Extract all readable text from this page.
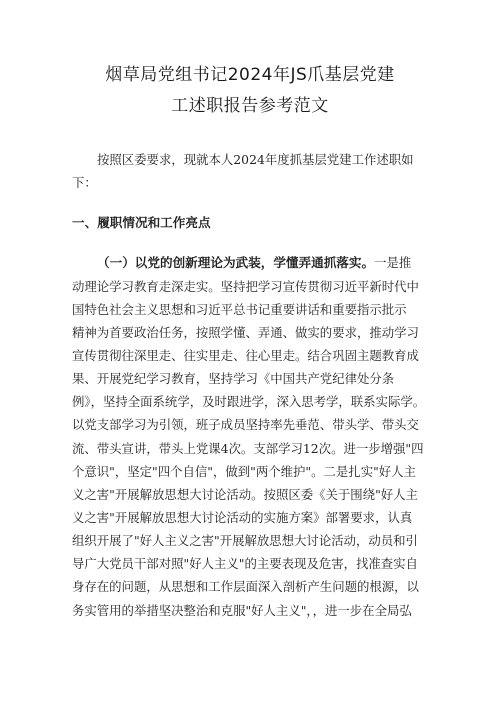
烟草局党组书记2024年JS爪基层党建
工述职报告参考范文
按照区委要求，现就本人2024年度抓基层党建工作述职如
下：
一、履职情况和工作亮点
（一）以党的创新理论为武装，学懂弄通抓落实。一是推
动理论学习教育走深走实。坚持把学习宣传贯彻习近平新时代中
国特色社会主义思想和习近平总书记重要讲话和重要指示批示
精神为首要政治任务，按照学懂、弄通、做实的要求，推动学习
宣传贯彻往深里走、往实里走、往心里走。结合巩固主题教育成
果、开展党纪学习教育，坚持学习《中国共产党纪律处分条
例》，坚持全面系统学，及时跟进学，深入思考学，联系实际学。
以党支部学习为引领，班子成员坚持率先垂范、带头学、带头交
流、带头宣讲，带头上党课4次。支部学习12次。进一步增强"四
个意识"，坚定"四个自信"，做到"两个维护"。二是扎实"好人主
义之害"开展解放思想大讨论活动。按照区委《关于围绕"好人主
义之害"开展解放思想大讨论活动的实施方案》部署要求，认真
组织开展了"好人主义之害"开展解放思想大讨论活动，动员和引
导广大党员干部对照"好人主义"的主要表现及危害，找准查实自
身存在的问题，从思想和工作层面深入剖析产生问题的根源，以
务实管用的举措坚决整治和克服"好人主义"，，进一步在全局弘
